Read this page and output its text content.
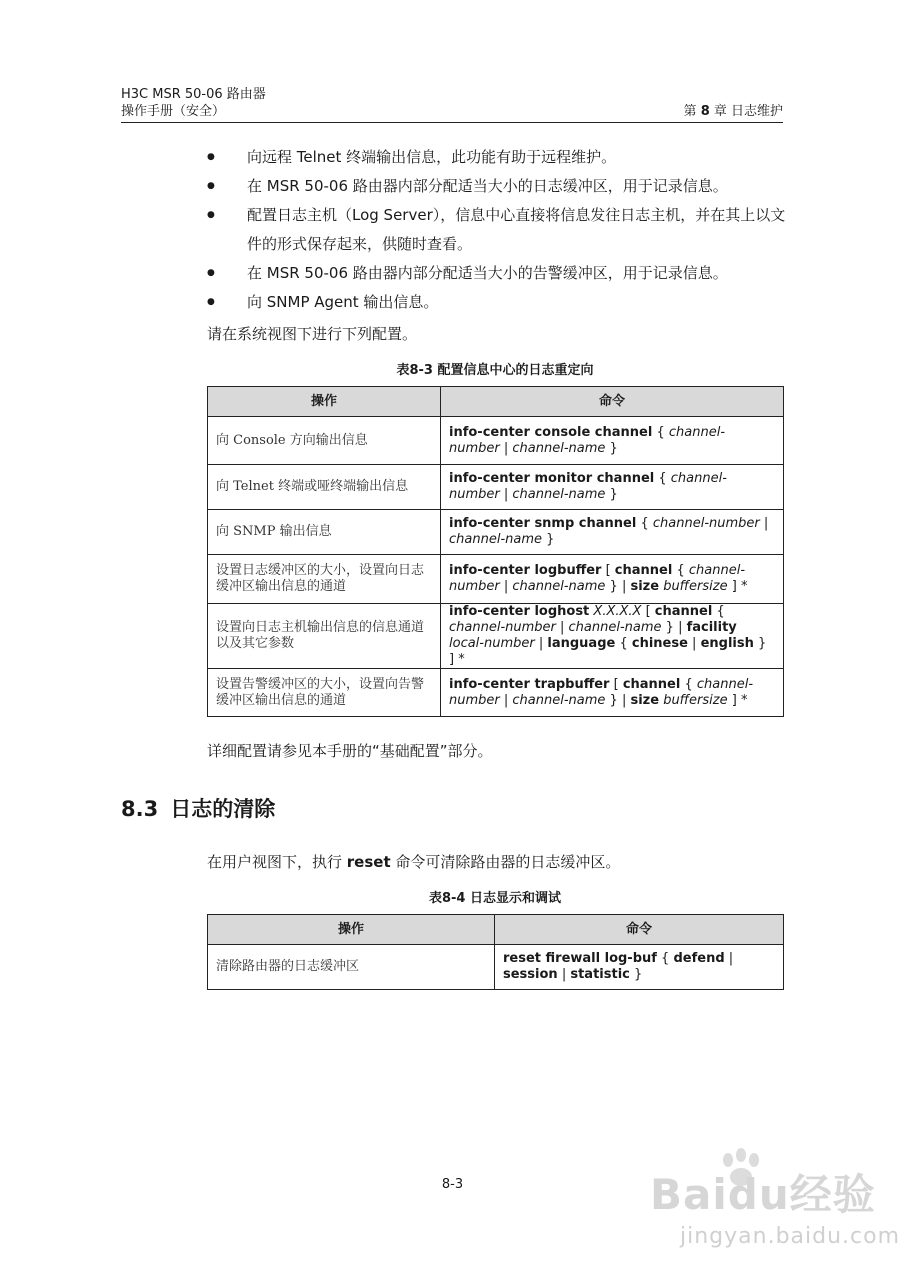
H3C MSR 50-06 路由器
操作手册（安全）	第 8 章 日志维护
● 向远程 Telnet 终端输出信息，此功能有助于远程维护。
● 在 MSR 50-06 路由器内部分配适当大小的日志缓冲区，用于记录信息。
● 配置日志主机（Log Server），信息中心直接将信息发往日志主机，并在其上以文件的形式保存起来，供随时查看。
● 在 MSR 50-06 路由器内部分配适当大小的告警缓冲区，用于记录信息。
● 向 SNMP Agent 输出信息。

请在系统视图下进行下列配置。

表8-3 配置信息中心的日志重定向
操作	命令
向 Console 方向输出信息	info-center console channel { channel-number | channel-name }
向 Telnet 终端或哑终端输出信息	info-center monitor channel { channel-number | channel-name }
向 SNMP 输出信息	info-center snmp channel { channel-number | channel-name }
设置日志缓冲区的大小，设置向日志缓冲区输出信息的通道	info-center logbuffer [ channel { channel-number | channel-name } | size buffersize ] *
设置向日志主机输出信息的信息通道以及其它参数	info-center loghost X.X.X.X [ channel { channel-number | channel-name } | facility local-number | language { chinese | english } ] *
设置告警缓冲区的大小，设置向告警缓冲区输出信息的通道	info-center trapbuffer [ channel { channel-number | channel-name } | size buffersize ] *

详细配置请参见本手册的“基础配置”部分。

8.3 日志的清除

在用户视图下，执行 reset 命令可清除路由器的日志缓冲区。

表8-4 日志显示和调试
操作	命令
清除路由器的日志缓冲区	reset firewall log-buf { defend | session | statistic }
8-3	Baidu经验
jingyan.baidu.com
